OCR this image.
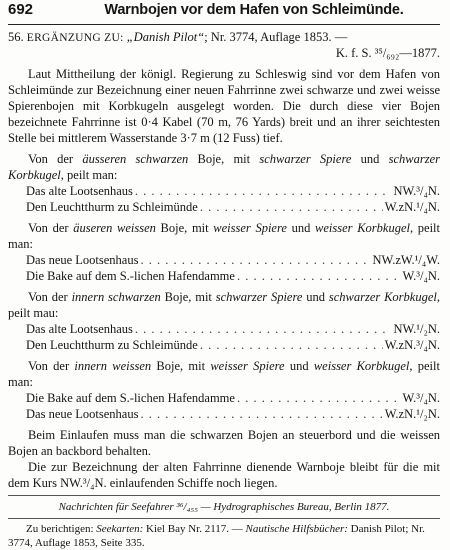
692	Warnbojen vor dem Hafen von Schleimünde.
56. ERGÄNZUNG ZU: „Danish Pilot“; Nr. 3774, Auflage 1853. —
K. f. S. ³⁵/₆₉₂—1877.

Laut Mittheilung der königl. Regierung zu Schleswig sind vor dem Hafen von Schleimünde zur Bezeichnung einer neuen Fahrrinne zwei schwarze und zwei weisse Spierenbojen mit Korbkugeln ausgelegt worden. Die durch diese vier Bojen bezeichnete Fahrrinne ist 0·4 Kabel (70 m, 76 Yards) breit und an ihrer seichtesten Stelle bei mittlerem Wasserstande 3·7 m (12 Fuss) tief.

Von der äusseren schwarzen Boje, mit schwarzer Spiere und schwarzer Korbkugel, peilt man:

Das alte Lootsenhaus . . .	NW.³/₄N.
Den Leuchtthurm zu Schleimünde . . .	W.zN.¹/₄N.

Von der äuseren weissen Boje, mit weisser Spiere und weisser Korbkugel, peilt man:

Das neue Lootsenhaus . . .	NW.zW.¹/₄W.
Die Bake auf dem S.-lichen Hafendamme . . .	W.³/₄N.

Von der innern schwarzen Boje, mit schwarzer Spiere und schwarzer Korbkugel, peilt mau:

Das alte Lootsenhaus . . .	NW.¹/₂N.
Den Leuchtthurm zu Schleimünde . . .	W.zN.³/₄N.

Von der innern weissen Boje, mit weisser Spiere und weisser Korbkugel, peilt man:

Die Bake auf dem S.-lichen Hafendamme . . .	W.³/₄N.
Das neue Lootsenhaus . . .	W.zN.¹/₂N.

Beim Einlaufen muss man die schwarzen Bojen an steuerbord und die weissen Bojen an backbord behalten.

Die zur Bezeichnung der alten Fahrrinne dienende Warnboje bleibt für die mit dem Kurs NW.³/₄N. einlaufenden Schiffe noch liegen.

Nachrichten für Seefahrer ³⁶/₄₅₅ — Hydrographisches Bureau, Berlin 1877.
Zu berichtigen: Seekarten: Kiel Bay Nr. 2117. — Nautische Hilfsbücher: Danish Pilot; Nr. 3774, Auflage 1853, Seite 335.
